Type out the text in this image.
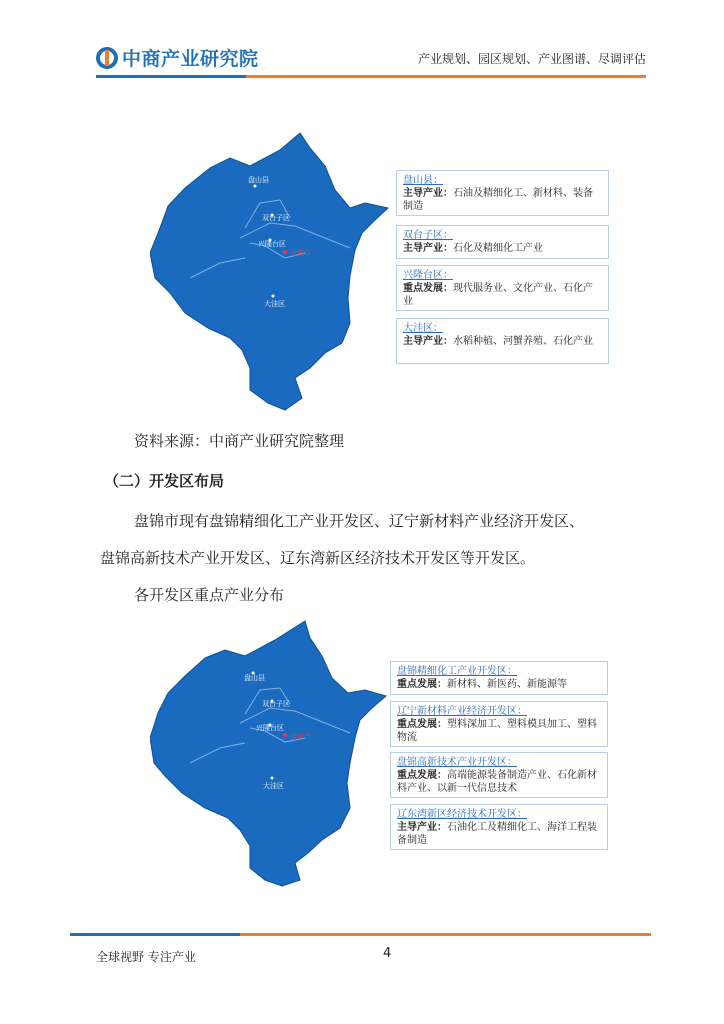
中商产业研究院	产业规划、园区规划、产业图谱、尽调评估
盘山县
双台子区
兴隆台区
盘锦市
大洼区
盘山县：
主导产业：石油及精细化工、新材料、装备制造
双台子区：
主导产业：石化及精细化工产业
兴隆台区：
重点发展：现代服务业、文化产业、石化产业
大洼区：
主导产业：水稻种植、河蟹养殖、石化产业
资料来源：中商产业研究院整理
（二）开发区布局
盘锦市现有盘锦精细化工产业开发区、辽宁新材料产业经济开发区、
盘锦高新技术产业开发区、辽东湾新区经济技术开发区等开发区。
各开发区重点产业分布
盘山县
双台子区
兴隆台区
盘锦市
大洼区
盘锦精细化工产业开发区：
重点发展：新材料、新医药、新能源等
辽宁新材料产业经济开发区：
重点发展：塑料深加工、塑料模具加工、塑料物流
盘锦高新技术产业开发区：
重点发展：高端能源装备制造产业、石化新材料产业、以新一代信息技术
辽东湾新区经济技术开发区：
主导产业：石油化工及精细化工、海洋工程装备制造
全球视野 专注产业	4
